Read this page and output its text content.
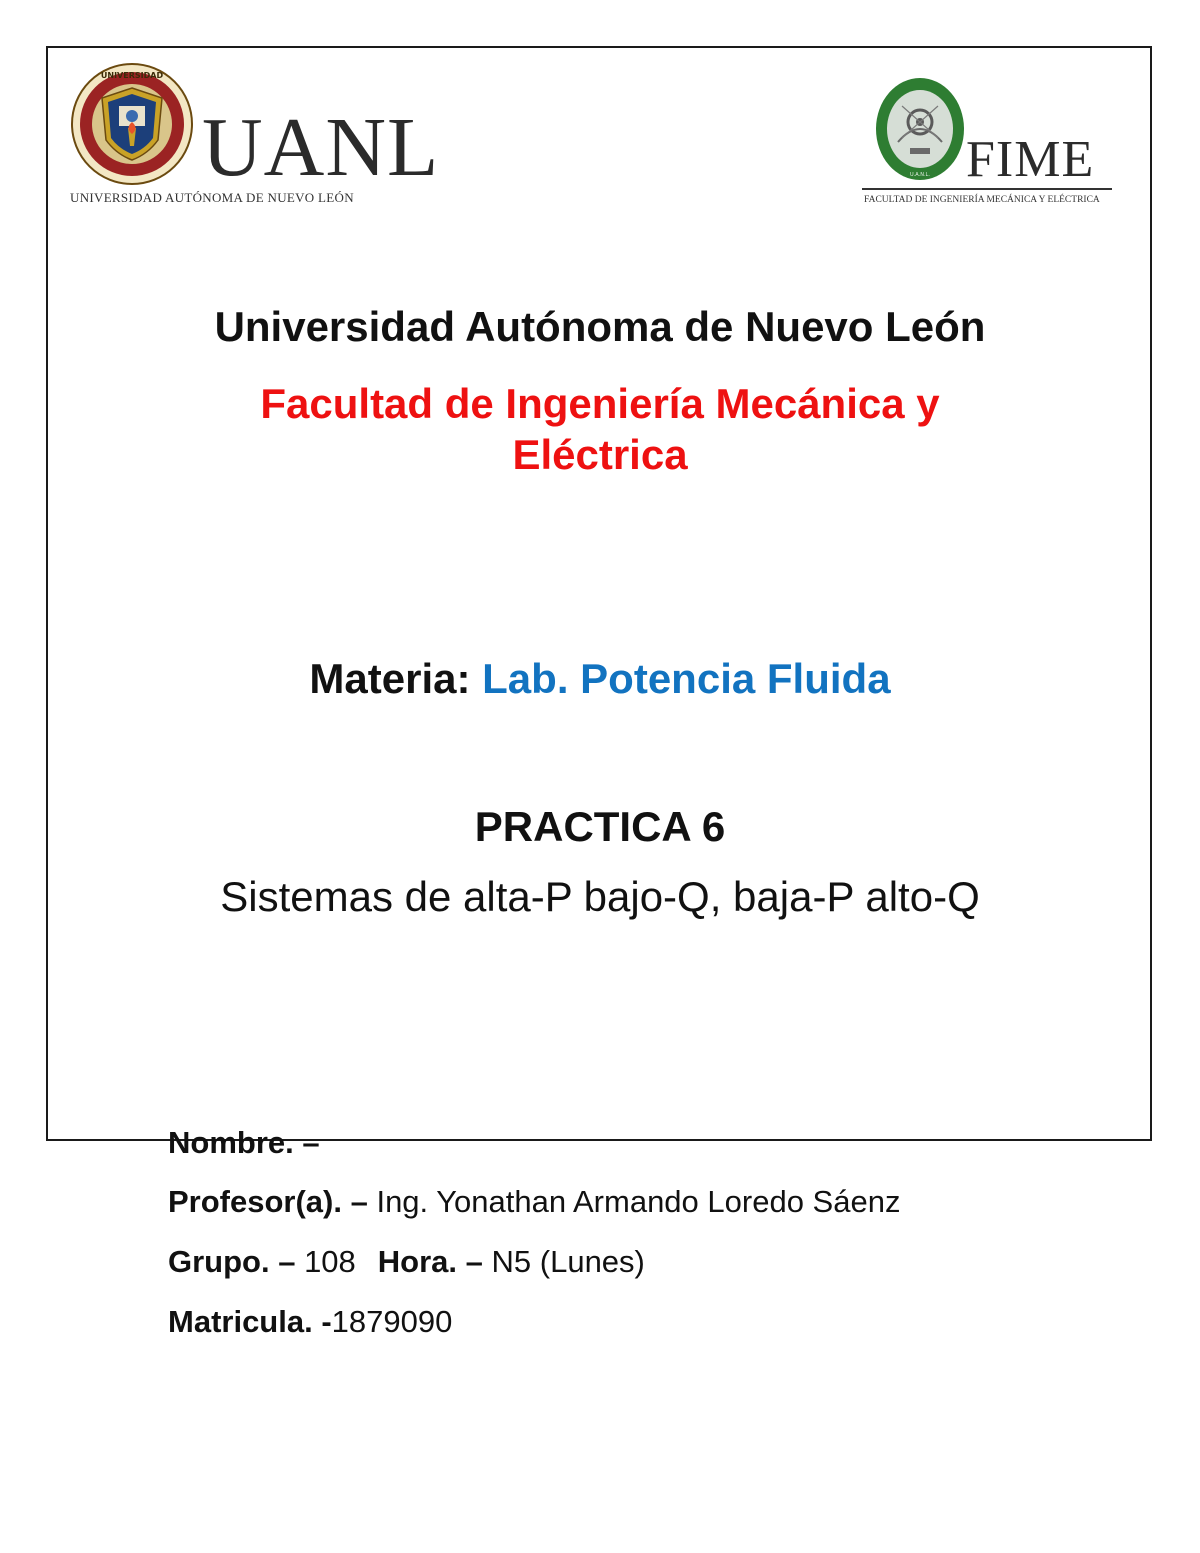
UNIVERSIDAD
UANL
UNIVERSIDAD AUTÓNOMA DE NUEVO LEÓN
U.A.N.L. FIME
FACULTAD DE INGENIERÍA MECÁNICA Y ELÉCTRICA
Universidad Autónoma de Nuevo León
Facultad de Ingeniería Mecánica y
Eléctrica
Materia: Lab. Potencia Fluida
PRACTICA 6
Sistemas de alta-P bajo-Q, baja-P alto-Q
Nombre. –
Profesor(a). – Ing. Yonathan Armando Loredo Sáenz
Grupo. – 108 Hora. – N5 (Lunes)
Matricula. -1879090
